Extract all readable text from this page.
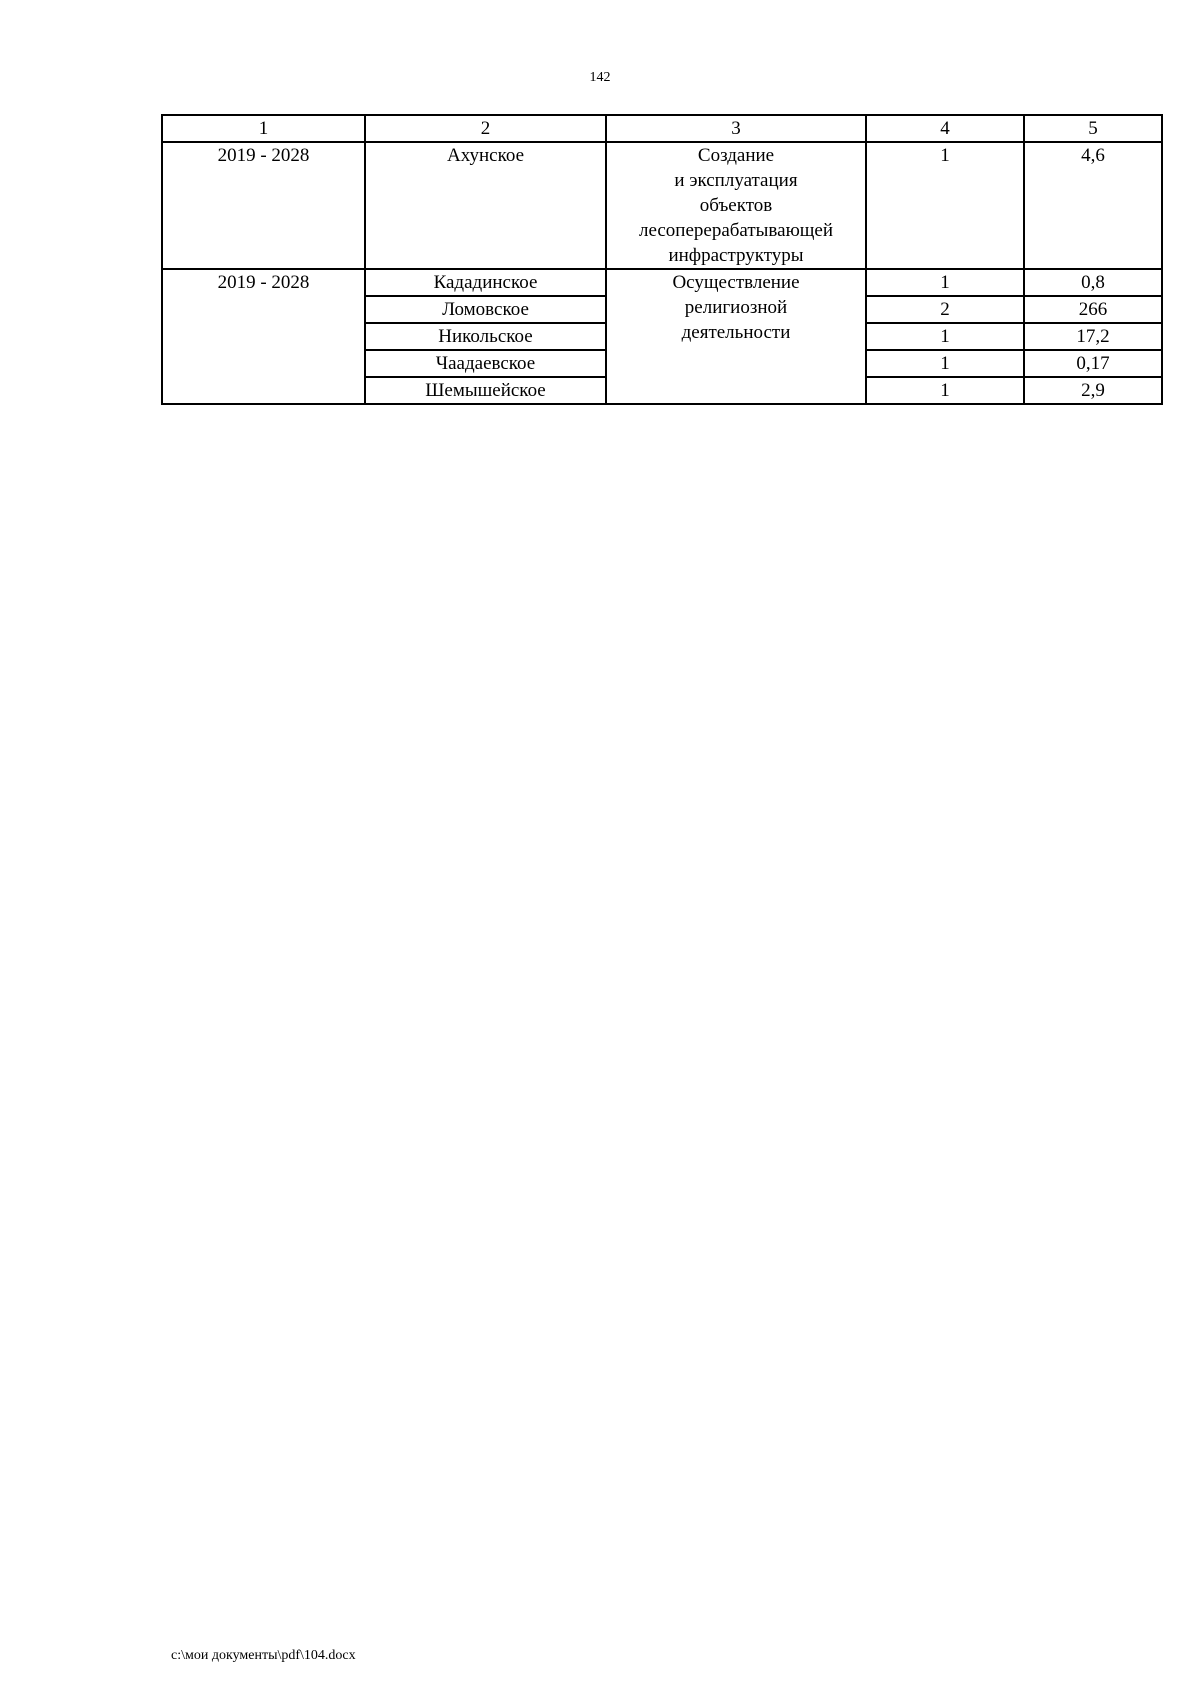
142
1	2	3	4	5
2019 - 2028	Ахунское	Создание
и эксплуатация
объектов
лесоперерабатывающей
инфраструктуры	1	4,6
2019 - 2028	Кададинское	Осуществление
религиозной
деятельности	1	0,8
	Ломовское		2	266
	Никольское		1	17,2
	Чаадаевское		1	0,17
	Шемышейское		1	2,9
c:\мои документы\pdf\104.docx
